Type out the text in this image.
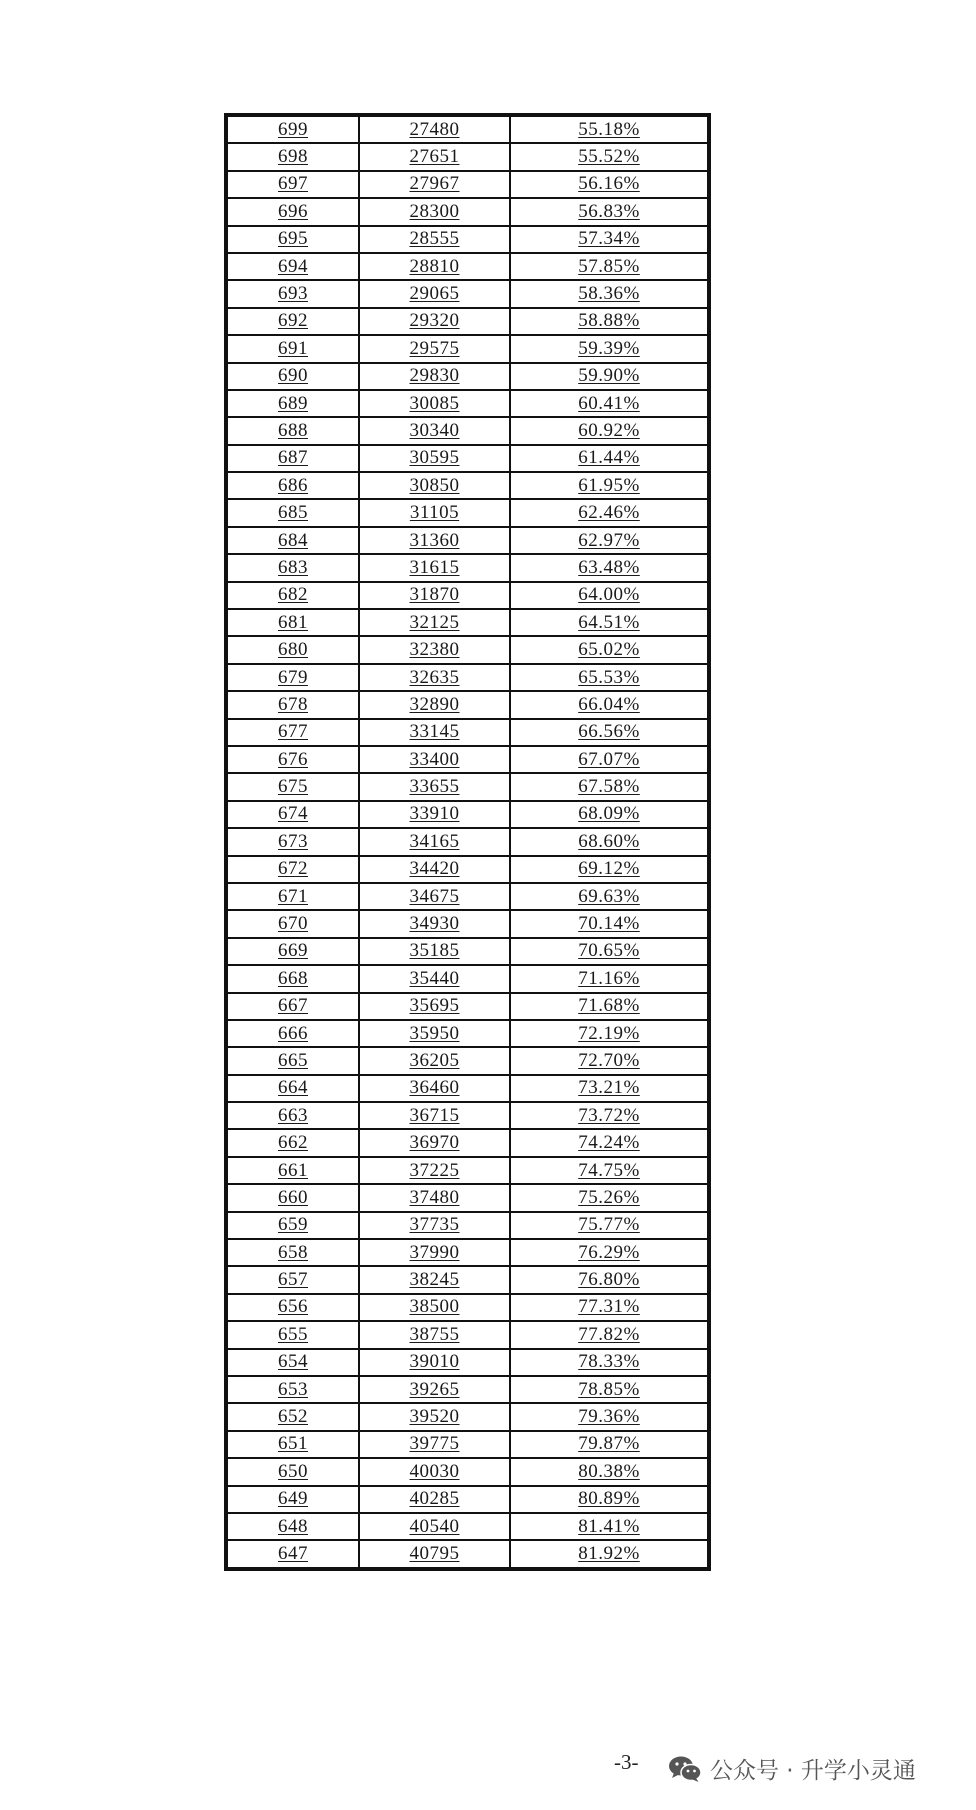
699	27480	55.18%
698	27651	55.52%
697	27967	56.16%
696	28300	56.83%
695	28555	57.34%
694	28810	57.85%
693	29065	58.36%
692	29320	58.88%
691	29575	59.39%
690	29830	59.90%
689	30085	60.41%
688	30340	60.92%
687	30595	61.44%
686	30850	61.95%
685	31105	62.46%
684	31360	62.97%
683	31615	63.48%
682	31870	64.00%
681	32125	64.51%
680	32380	65.02%
679	32635	65.53%
678	32890	66.04%
677	33145	66.56%
676	33400	67.07%
675	33655	67.58%
674	33910	68.09%
673	34165	68.60%
672	34420	69.12%
671	34675	69.63%
670	34930	70.14%
669	35185	70.65%
668	35440	71.16%
667	35695	71.68%
666	35950	72.19%
665	36205	72.70%
664	36460	73.21%
663	36715	73.72%
662	36970	74.24%
661	37225	74.75%
660	37480	75.26%
659	37735	75.77%
658	37990	76.29%
657	38245	76.80%
656	38500	77.31%
655	38755	77.82%
654	39010	78.33%
653	39265	78.85%
652	39520	79.36%
651	39775	79.87%
650	40030	80.38%
649	40285	80.89%
648	40540	81.41%
647	40795	81.92%
-3-	公众号 · 升学小灵通
